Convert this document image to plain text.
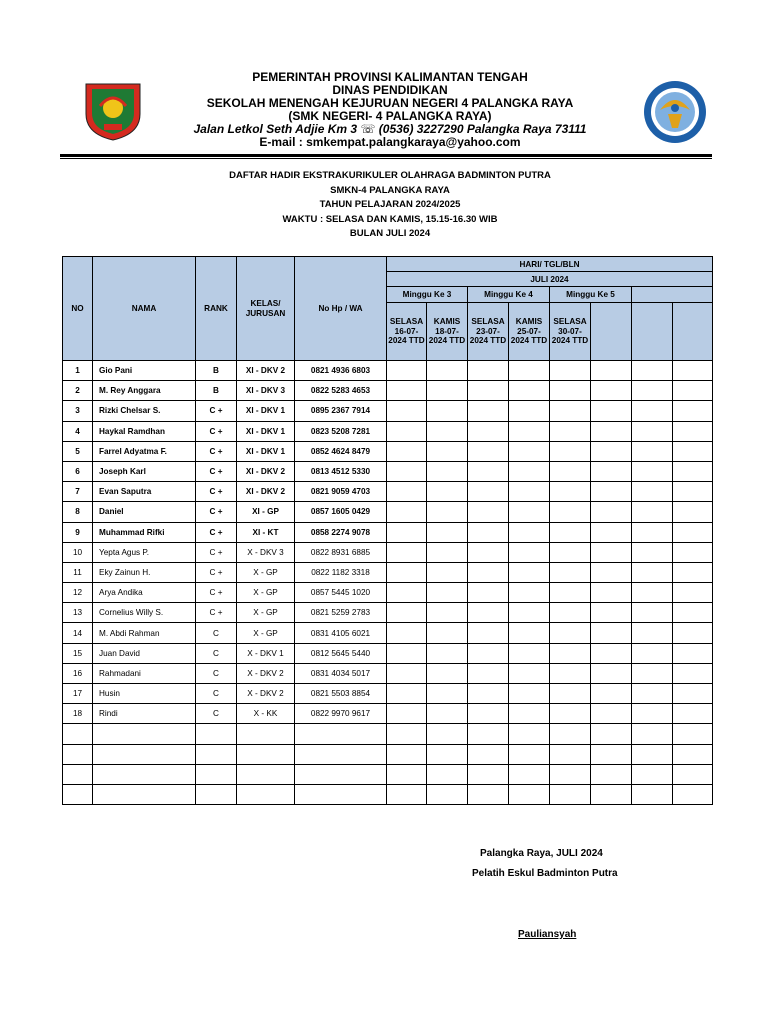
PEMERINTAH PROVINSI KALIMANTAN TENGAH
DINAS PENDIDIKAN
SEKOLAH MENENGAH KEJURUAN NEGERI 4 PALANGKA RAYA
(SMK NEGERI- 4 PALANGKA RAYA)
Jalan Letkol Seth Adjie Km 3 ☏ (0536) 3227290 Palangka Raya 73111
E-mail : smkempat.palangkaraya@yahoo.com
DAFTAR HADIR EKSTRAKURIKULER OLAHRAGA BADMINTON PUTRA
SMKN-4 PALANGKA RAYA
TAHUN PELAJARAN 2024/2025
WAKTU : SELASA DAN KAMIS, 15.15-16.30 WIB
BULAN JULI 2024
NO	NAMA	RANK	KELAS/ JURUSAN	No Hp / WA	HARI/ TGL/BLN							
					JULI 2024							
					Minggu Ke 3		Minggu Ke 4		Minggu Ke 5			
					SELASA 16-07-2024 TTD	KAMIS 18-07-2024 TTD	SELASA 23-07-2024 TTD	KAMIS 25-07-2024 TTD	SELASA 30-07-2024 TTD			
1	Gio Pani	B	XI - DKV 2	0821 4936 6803								
2	M. Rey Anggara	B	XI - DKV 3	0822 5283 4653								
3	Rizki Chelsar S.	C +	XI - DKV 1	0895 2367 7914								
4	Haykal Ramdhan	C +	XI - DKV 1	0823 5208 7281								
5	Farrel Adyatma F.	C +	XI - DKV 1	0852 4624 8479								
6	Joseph Karl	C +	XI - DKV 2	0813 4512 5330								
7	Evan Saputra	C +	XI - DKV 2	0821 9059 4703								
8	Daniel	C +	XI - GP	0857 1605 0429								
9	Muhammad Rifki	C +	XI - KT	0858 2274 9078								
10	Yepta Agus P.	C +	X - DKV 3	0822 8931 6885								
11	Eky Zainun H.	C +	X - GP	0822 1182 3318								
12	Arya Andika	C +	X - GP	0857 5445 1020								
13	Cornelius Willy S.	C +	X - GP	0821 5259 2783								
14	M. Abdi Rahman	C	X - GP	0831 4105 6021								
15	Juan David	C	X - DKV 1	0812 5645 5440								
16	Rahmadani	C	X - DKV 2	0831 4034 5017								
17	Husin	C	X - DKV 2	0821 5503 8854								
18	Rindi	C	X - KK	0822 9970 9617								

Palangka Raya, JULI 2024
Pelatih Eskul Badminton Putra
Pauliansyah
